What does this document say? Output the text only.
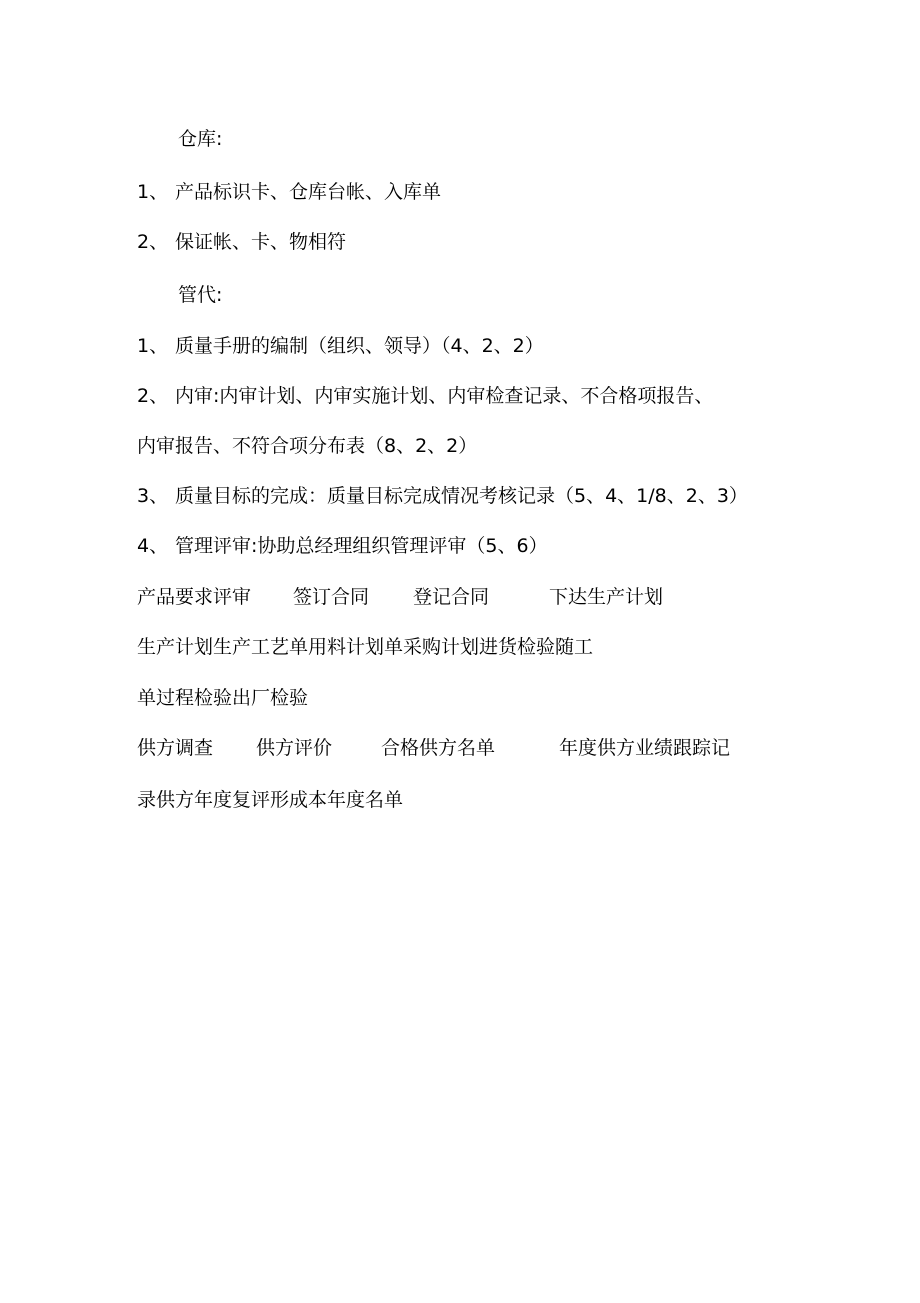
仓库:
1、 产品标识卡、仓库台帐、入库单
2、 保证帐、卡、物相符
管代:
1、 质量手册的编制（组织、领导）（4、2、2）
2、 内审:内审计划、内审实施计划、内审检查记录、不合格项报告、
内审报告、不符合项分布表（8、2、2）
3、 质量目标的完成：质量目标完成情况考核记录（5、4、1/8、2、3）
4、 管理评审:协助总经理组织管理评审（5、6）
产品要求评审 签订合同 登记合同	下达生产计划
生产计划生产工艺单用料计划单采购计划进货检验随工
单过程检验出厂检验
供方调查 供方评价	合格供方名单	年度供方业绩跟踪记
录供方年度复评形成本年度名单
